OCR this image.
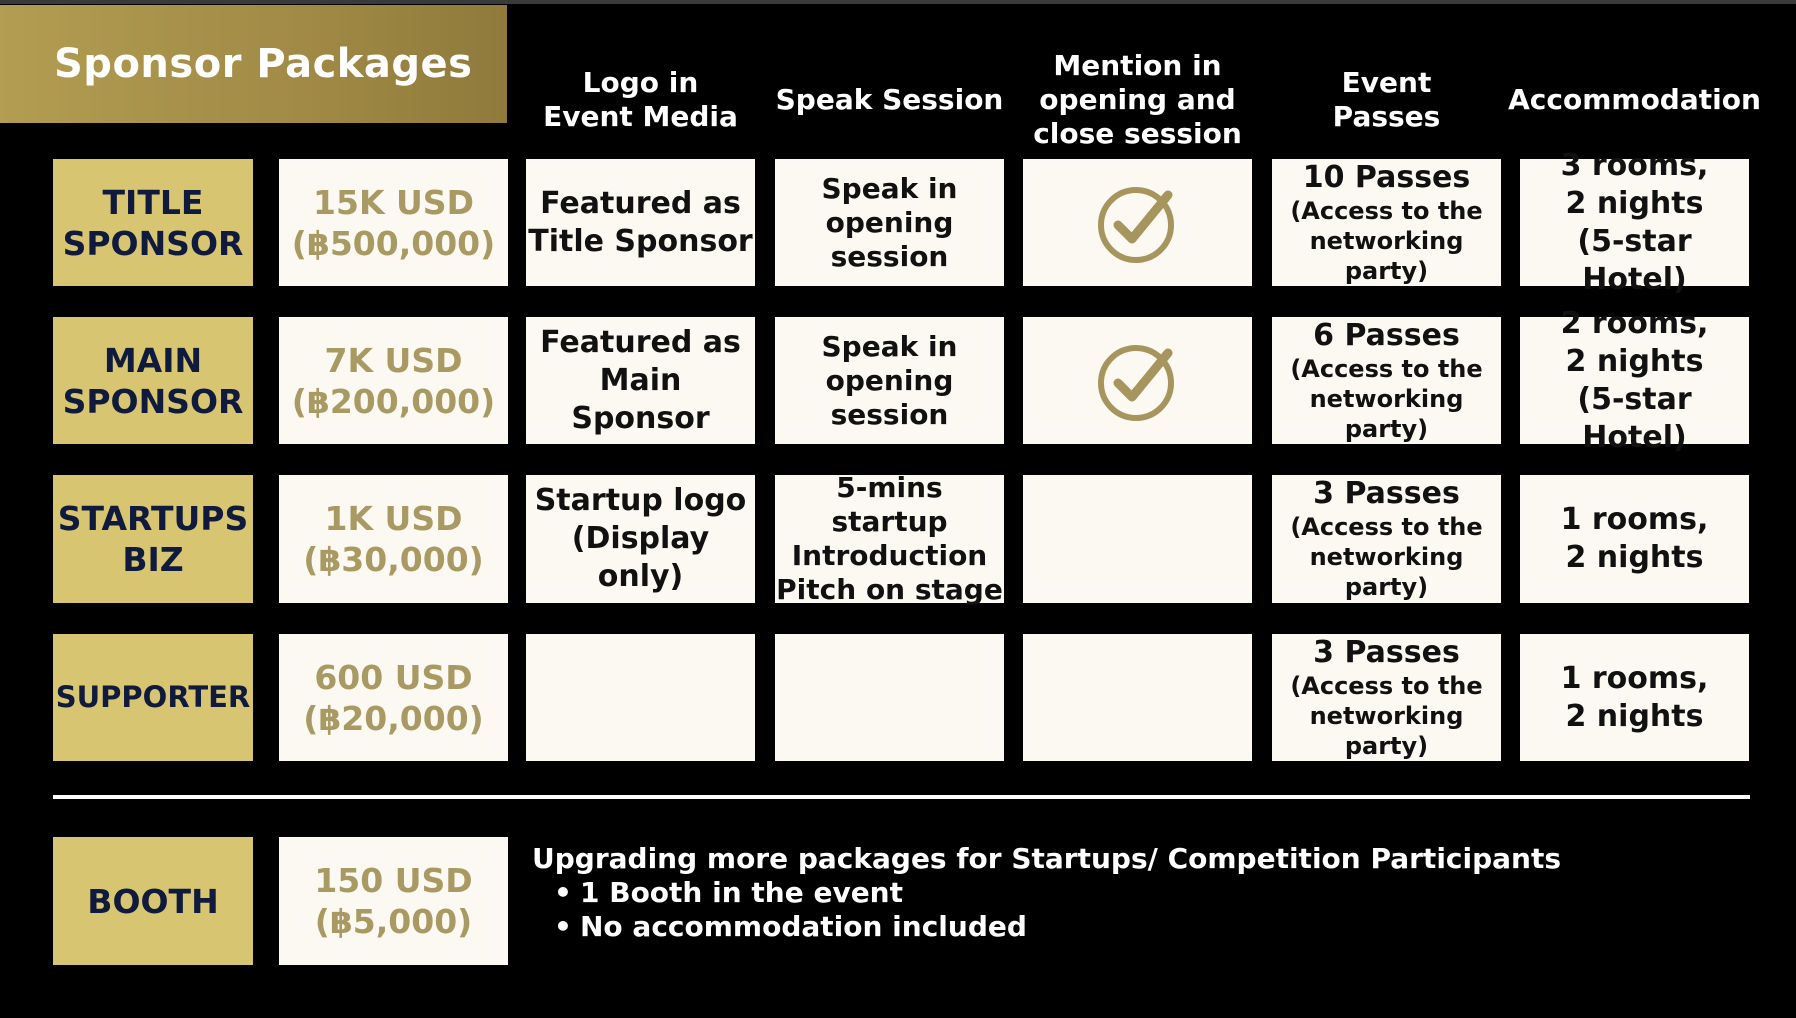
Sponsor Packages	Logo in
Event Media
Speak Session
Mention in
opening and
close session
Event
Passes
Accommodation
TITLE
SPONSOR
15K USD
(฿500,000)
Featured as
Title Sponsor
Speak in
opening session
10 Passes
(Access to the
networking party)
3 rooms,
2 nights
(5-star Hotel)
MAIN
SPONSOR
7K USD
(฿200,000)
Featured as
Main Sponsor
Speak in
opening session
6 Passes
(Access to the
networking party)
2 rooms,
2 nights
(5-star Hotel)
STARTUPS
BIZ
1K USD
(฿30,000)
Startup logo
(Display only)
5-mins startup
Introduction
Pitch on stage
3 Passes
(Access to the
networking party)
1 rooms,
2 nights
SUPPORTER
600 USD
(฿20,000)
3 Passes
(Access to the
networking party)
1 rooms,
2 nights
BOOTH
150 USD
(฿5,000)
Upgrading more packages for Startups/ Competition Participants
• 1 Booth in the event
• No accommodation included
